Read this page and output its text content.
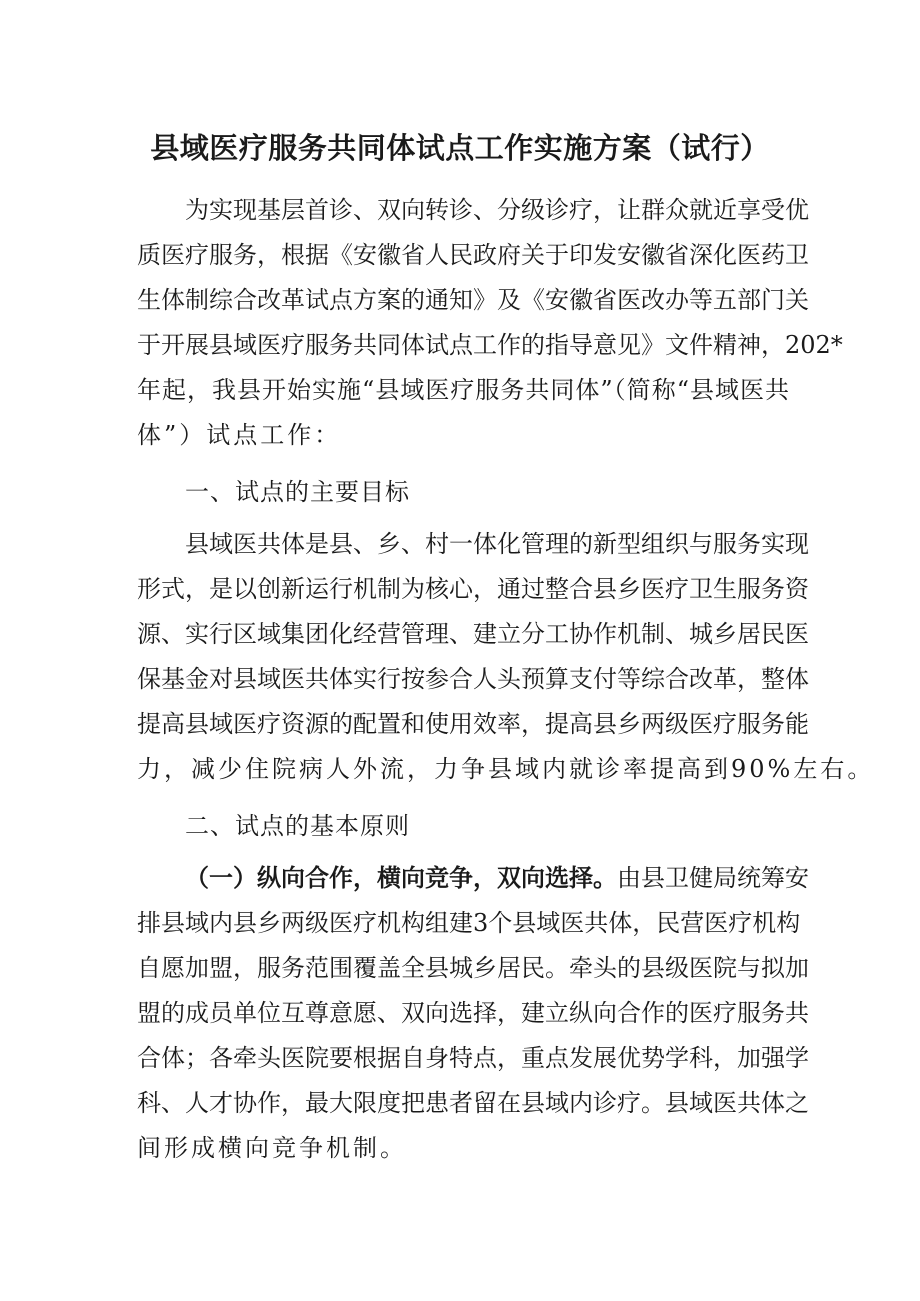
县域医疗服务共同体试点工作实施方案（试行）
为实现基层首诊、双向转诊、分级诊疗，让群众就近享受优
质医疗服务，根据《安徽省人民政府关于印发安徽省深化医药卫
生体制综合改革试点方案的通知》及《安徽省医改办等五部门关
于开展县域医疗服务共同体试点工作的指导意见》文件精神，202*
年起，我县开始实施“县域医疗服务共同体”（简称“县域医共
体”）试点工作：
一、试点的主要目标
县域医共体是县、乡、村一体化管理的新型组织与服务实现
形式，是以创新运行机制为核心，通过整合县乡医疗卫生服务资
源、实行区域集团化经营管理、建立分工协作机制、城乡居民医
保基金对县域医共体实行按参合人头预算支付等综合改革，整体
提高县域医疗资源的配置和使用效率，提高县乡两级医疗服务能
力，减少住院病人外流，力争县域内就诊率提高到90%左右。
二、试点的基本原则
（一）纵向合作，横向竞争，双向选择。由县卫健局统筹安
排县域内县乡两级医疗机构组建3个县域医共体，民营医疗机构
自愿加盟，服务范围覆盖全县城乡居民。牵头的县级医院与拟加
盟的成员单位互尊意愿、双向选择，建立纵向合作的医疗服务共
合体；各牵头医院要根据自身特点，重点发展优势学科，加强学
科、人才协作，最大限度把患者留在县域内诊疗。县域医共体之
间形成横向竞争机制。
